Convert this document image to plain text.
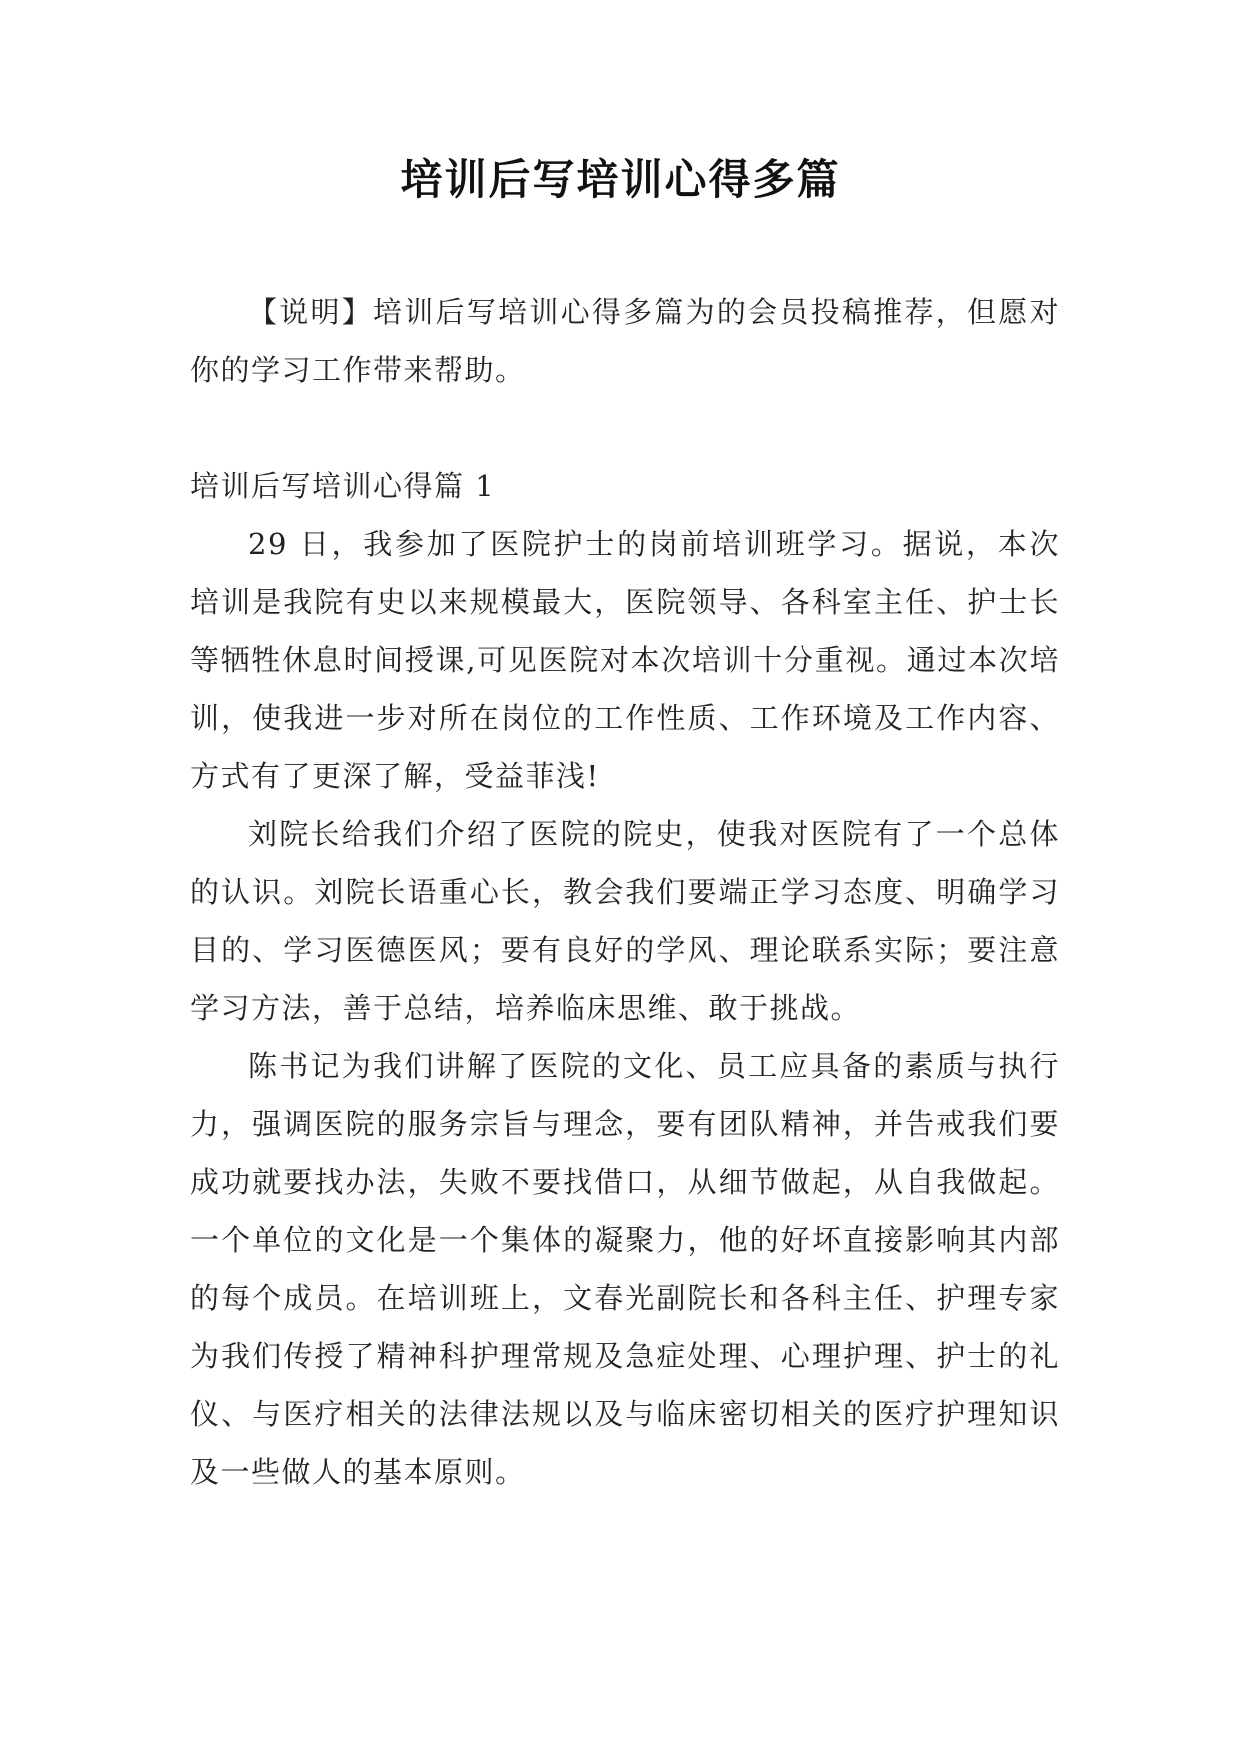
培训后写培训心得多篇

【说明】培训后写培训心得多篇为的会员投稿推荐，但愿对你的学习工作带来帮助。

培训后写培训心得篇 1

29 日，我参加了医院护士的岗前培训班学习。据说，本次培训是我院有史以来规模最大，医院领导、各科室主任、护士长等牺牲休息时间授课,可见医院对本次培训十分重视。通过本次培训，使我进一步对所在岗位的工作性质、工作环境及工作内容、方式有了更深了解，受益菲浅!

刘院长给我们介绍了医院的院史，使我对医院有了一个总体的认识。刘院长语重心长，教会我们要端正学习态度、明确学习目的、学习医德医风；要有良好的学风、理论联系实际；要注意学习方法，善于总结，培养临床思维、敢于挑战。

陈书记为我们讲解了医院的文化、员工应具备的素质与执行力，强调医院的服务宗旨与理念，要有团队精神，并告戒我们要成功就要找办法，失败不要找借口，从细节做起，从自我做起。一个单位的文化是一个集体的凝聚力，他的好坏直接影响其内部的每个成员。在培训班上，文春光副院长和各科主任、护理专家为我们传授了精神科护理常规及急症处理、心理护理、护士的礼仪、与医疗相关的法律法规以及与临床密切相关的医疗护理知识及一些做人的基本原则。
